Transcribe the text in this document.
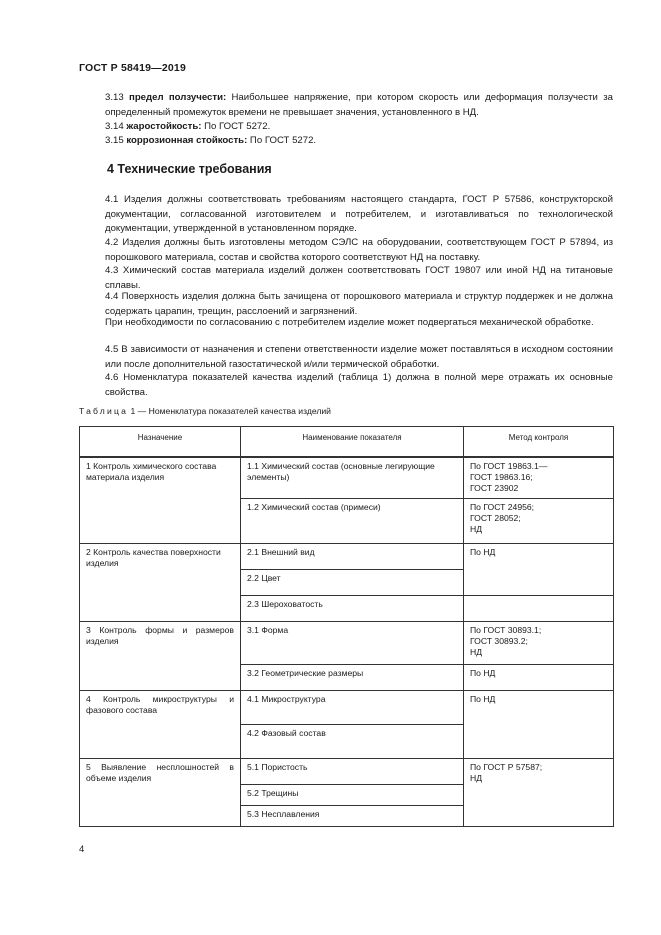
ГОСТ Р 58419—2019
3.13 предел ползучести: Наибольшее напряжение, при котором скорость или деформация ползучести за определенный промежуток времени не превышает значения, установленного в НД.
3.14 жаростойкость: По ГОСТ 5272.
3.15 коррозионная стойкость: По ГОСТ 5272.
4 Технические требования
4.1 Изделия должны соответствовать требованиям настоящего стандарта, ГОСТ Р 57586, конструкторской документации, согласованной изготовителем и потребителем, и изготавливаться по технологической документации, утвержденной в установленном порядке.
4.2 Изделия должны быть изготовлены методом СЭЛС на оборудовании, соответствующем ГОСТ Р 57894, из порошкового материала, состав и свойства которого соответствуют НД на поставку.
4.3 Химический состав материала изделий должен соответствовать ГОСТ 19807 или иной НД на титановые сплавы.
4.4 Поверхность изделия должна быть зачищена от порошкового материала и структур поддержек и не должна содержать царапин, трещин, расслоений и загрязнений.
При необходимости по согласованию с потребителем изделие может подвергаться механической обработке.
4.5 В зависимости от назначения и степени ответственности изделие может поставляться в исходном состоянии или после дополнительной газостатической и/или термической обработки.
4.6 Номенклатура показателей качества изделий (таблица 1) должна в полной мере отражать их основные свойства.
Таблица 1 — Номенклатура показателей качества изделий
Назначение	Наименование показателя	Метод контроля
1 Контроль химического состава материала изделия	1.1 Химический состав (основные легирующие элементы)	По ГОСТ 19863.1—
ГОСТ 19863.16;
ГОСТ 23902

	1.2 Химический состав (примеси)	По ГОСТ 24956;
ГОСТ 28052;
НД

2 Контроль качества поверхности изделия	2.1 Внешний вид	По НД
	2.2 Цвет	
	2.3 Шероховатость	
3 Контроль формы и размеров изделия	3.1 Форма	По ГОСТ 30893.1;
ГОСТ 30893.2;
НД

	3.2 Геометрические размеры	По НД
4 Контроль микроструктуры и фазового состава	4.1 Микроструктура	По НД
	4.2 Фазовый состав	
5 Выявление несплошностей в объеме изделия	5.1 Пористость	По ГОСТ Р 57587;
НД

	5.2 Трещины	
	5.3 Несплавления	
4
